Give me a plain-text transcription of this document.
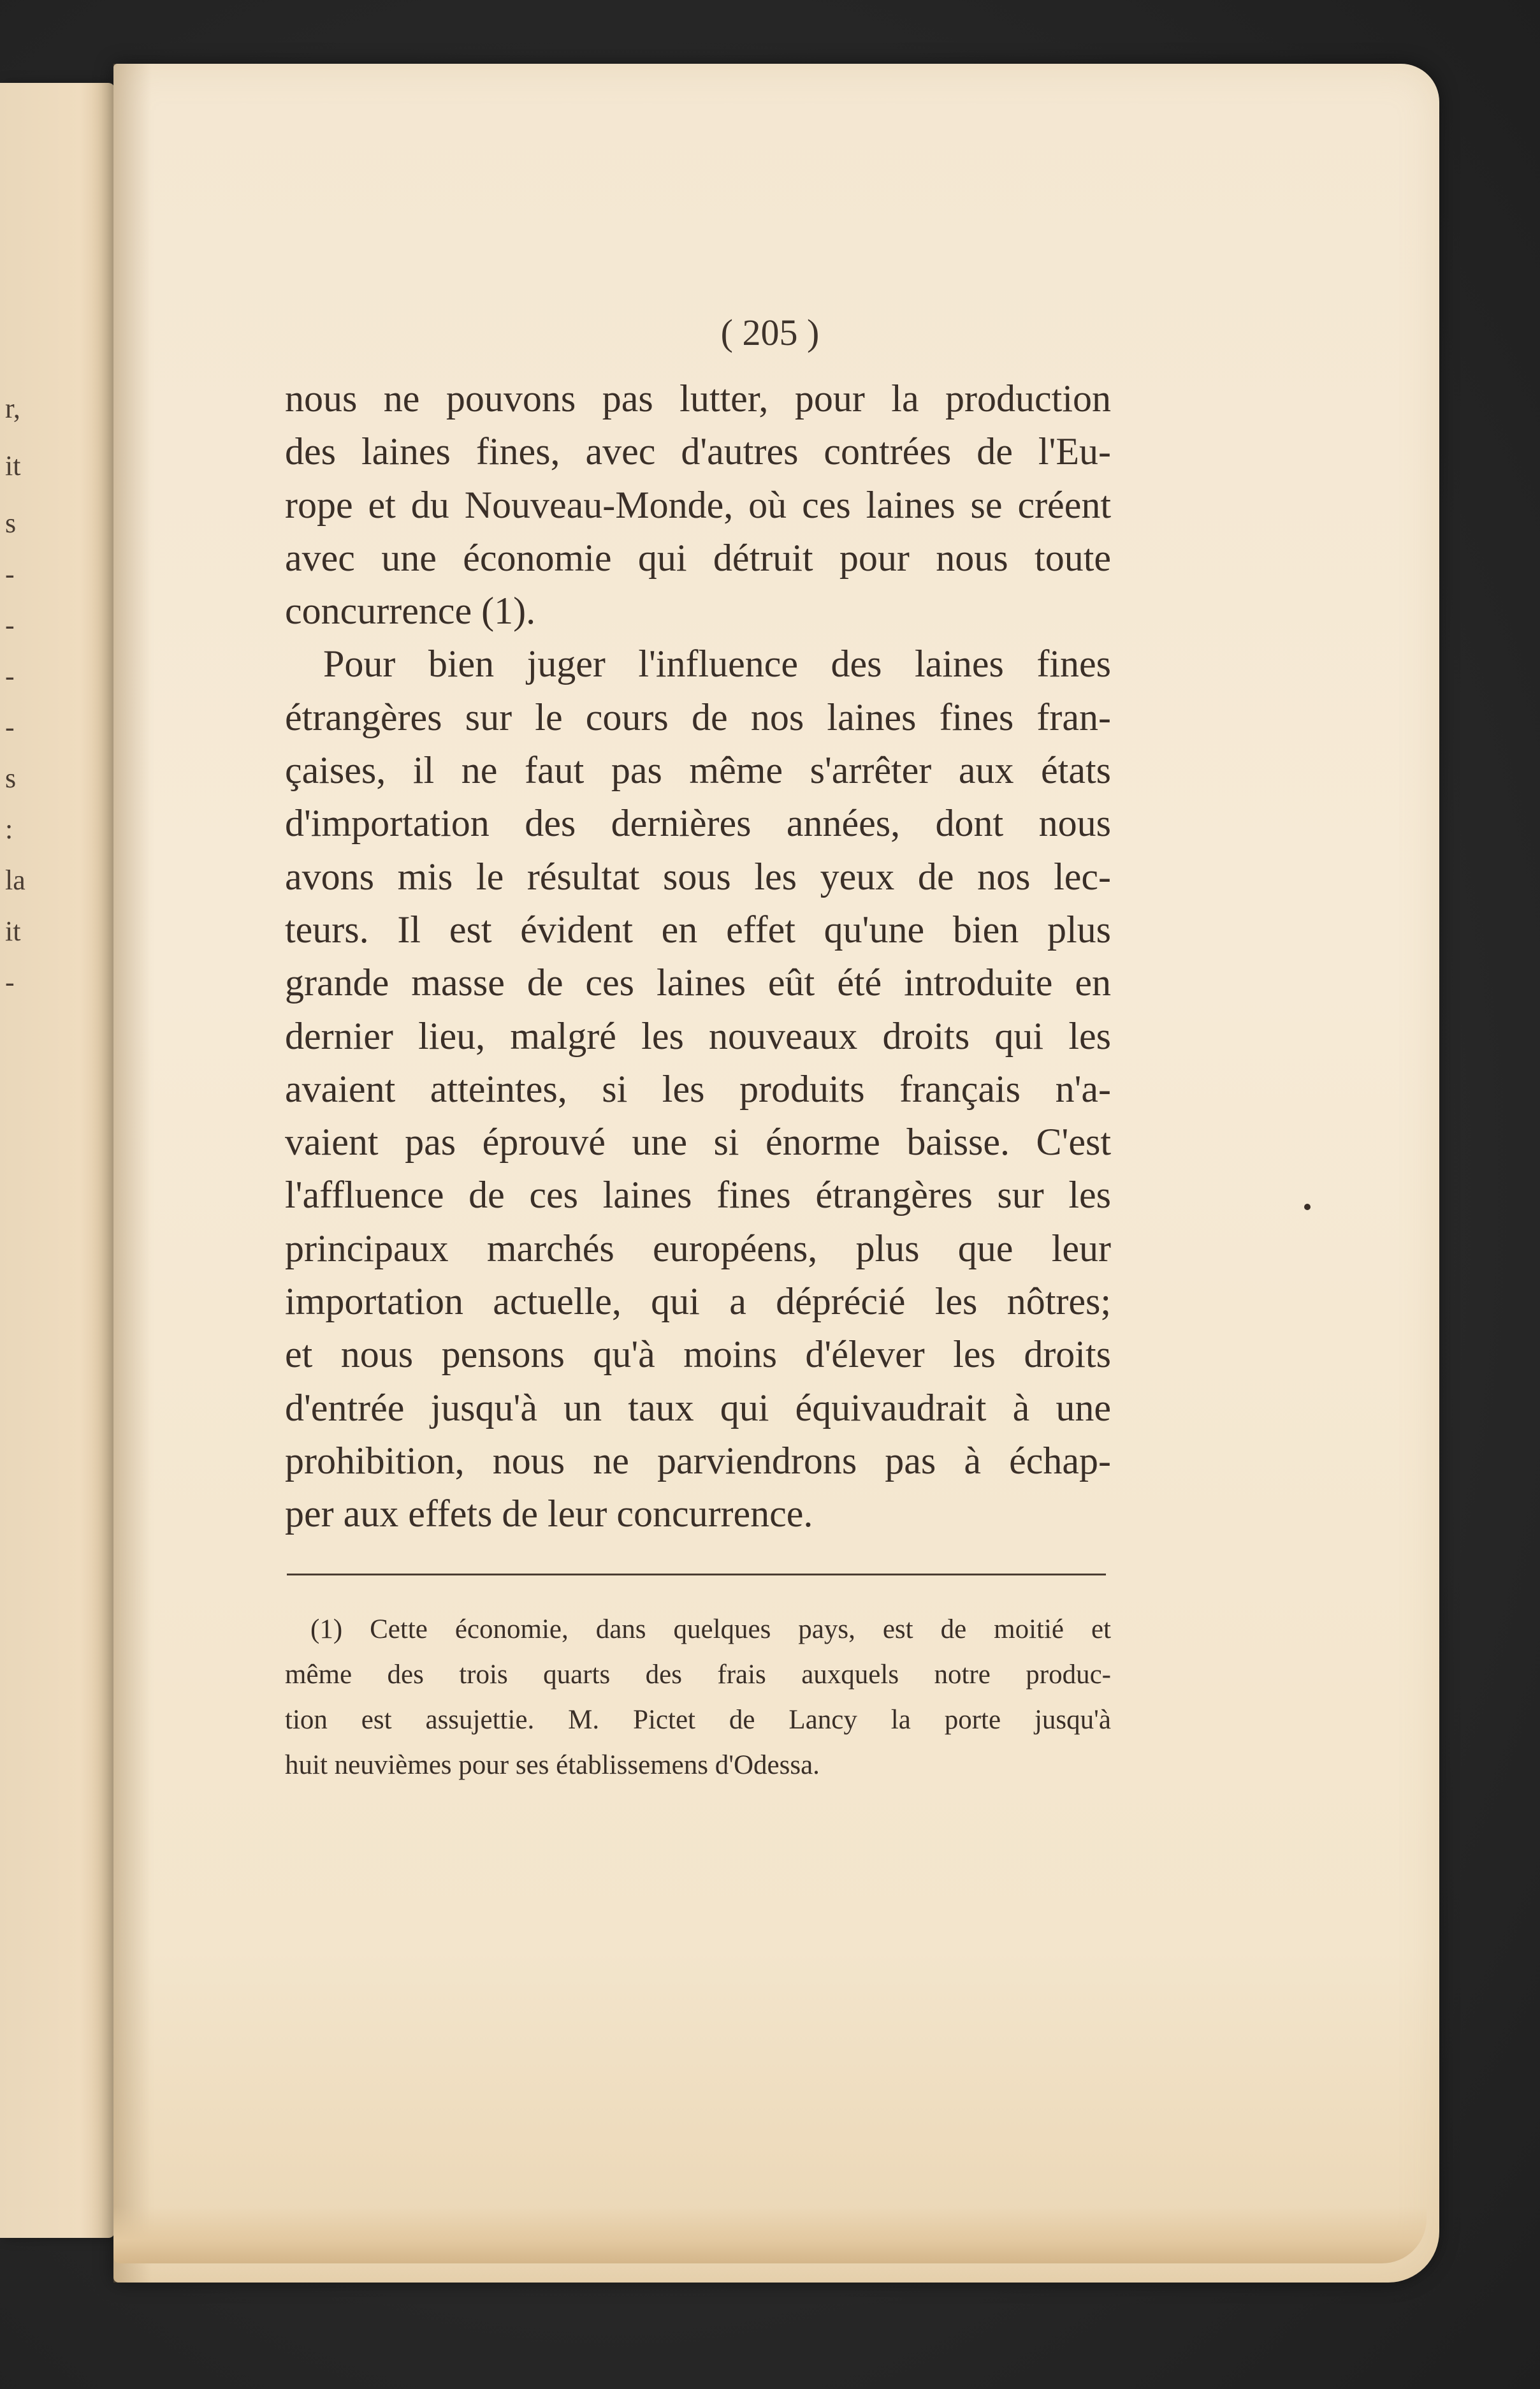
r,
it
s
-
-
-
-
s
:
la
it
-
( 205 )
nous ne pouvons pas lutter, pour la production
des laines fines, avec d'autres contrées de l'Eu-
rope et du Nouveau-Monde, où ces laines se créent
avec une économie qui détruit pour nous toute
concurrence (1).
Pour bien juger l'influence des laines fines
étrangères sur le cours de nos laines fines fran-
çaises, il ne faut pas même s'arrêter aux états
d'importation des dernières années, dont nous
avons mis le résultat sous les yeux de nos lec-
teurs. Il est évident en effet qu'une bien plus
grande masse de ces laines eût été introduite en
dernier lieu, malgré les nouveaux droits qui les
avaient atteintes, si les produits français n'a-
vaient pas éprouvé une si énorme baisse. C'est
l'affluence de ces laines fines étrangères sur les
principaux marchés européens, plus que leur
importation actuelle, qui a déprécié les nôtres;
et nous pensons qu'à moins d'élever les droits
d'entrée jusqu'à un taux qui équivaudrait à une
prohibition, nous ne parviendrons pas à échap-
per aux effets de leur concurrence.
(1) Cette économie, dans quelques pays, est de moitié et
même des trois quarts des frais auxquels notre produc-
tion est assujettie. M. Pictet de Lancy la porte jusqu'à
huit neuvièmes pour ses établissemens d'Odessa.
